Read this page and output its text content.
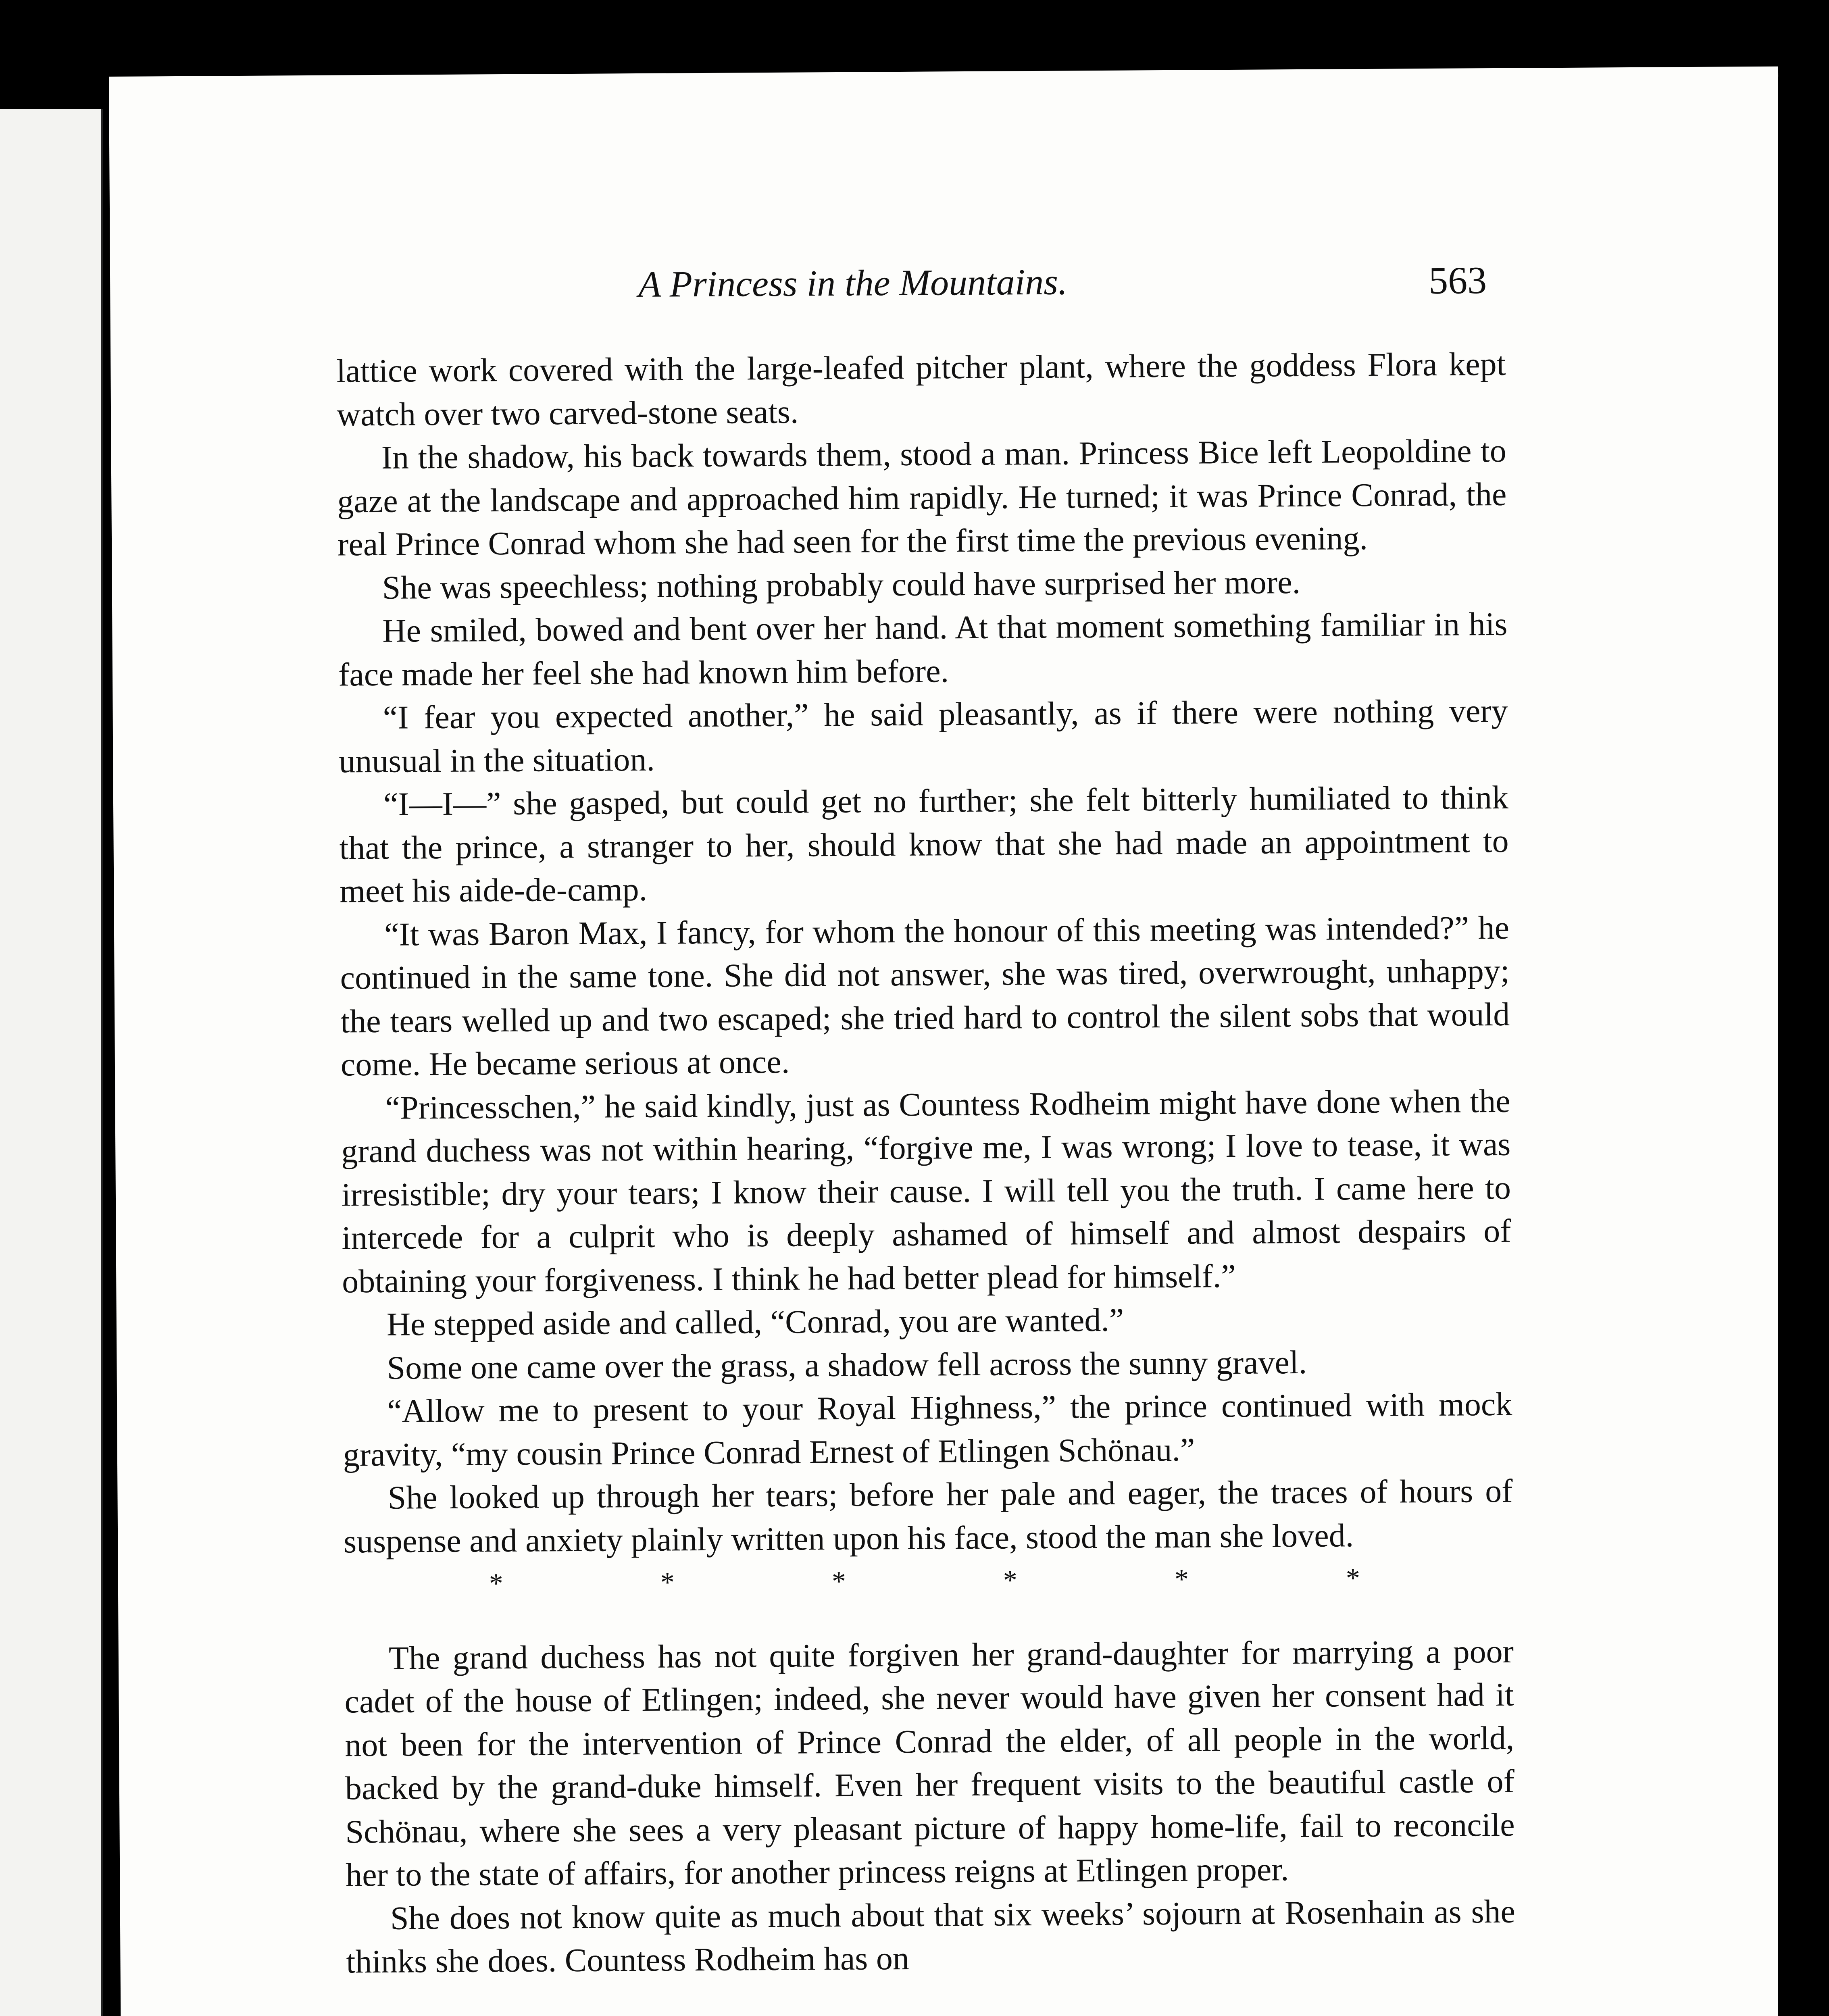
A Princess in the Mountains.	563

lattice work covered with the large-leafed pitcher plant, where the goddess Flora kept watch over two carved-stone seats.

In the shadow, his back towards them, stood a man. Princess Bice left Leopoldine to gaze at the landscape and approached him rapidly. He turned; it was Prince Conrad, the real Prince Conrad whom she had seen for the first time the previous evening.

She was speechless; nothing probably could have surprised her more.

He smiled, bowed and bent over her hand. At that moment something familiar in his face made her feel she had known him before.

“I fear you expected another,” he said pleasantly, as if there were nothing very unusual in the situation.

“I—I—” she gasped, but could get no further; she felt bitterly humiliated to think that the prince, a stranger to her, should know that she had made an appointment to meet his aide-de-camp.

“It was Baron Max, I fancy, for whom the honour of this meeting was intended?” he continued in the same tone. She did not answer, she was tired, overwrought, unhappy; the tears welled up and two escaped; she tried hard to control the silent sobs that would come. He became serious at once.

“Princesschen,” he said kindly, just as Countess Rodheim might have done when the grand duchess was not within hearing, “forgive me, I was wrong; I love to tease, it was irresistible; dry your tears; I know their cause. I will tell you the truth. I came here to intercede for a culprit who is deeply ashamed of himself and almost despairs of obtaining your forgiveness. I think he had better plead for himself.”

He stepped aside and called, “Conrad, you are wanted.”

Some one came over the grass, a shadow fell across the sunny gravel.

“Allow me to present to your Royal Highness,” the prince continued with mock gravity, “my cousin Prince Conrad Ernest of Etlingen Schönau.”

She looked up through her tears; before her pale and eager, the traces of hours of suspense and anxiety plainly written upon his face, stood the man she loved.

*	*	*	*	*	*

The grand duchess has not quite forgiven her grand-daughter for marrying a poor cadet of the house of Etlingen; indeed, she never would have given her consent had it not been for the intervention of Prince Conrad the elder, of all people in the world, backed by the grand-duke himself. Even her frequent visits to the beautiful castle of Schönau, where she sees a very pleasant picture of happy home-life, fail to reconcile her to the state of affairs, for another princess reigns at Etlingen proper.

She does not know quite as much about that six weeks’ sojourn at Rosenhain as she thinks she does. Countess Rodheim has on
